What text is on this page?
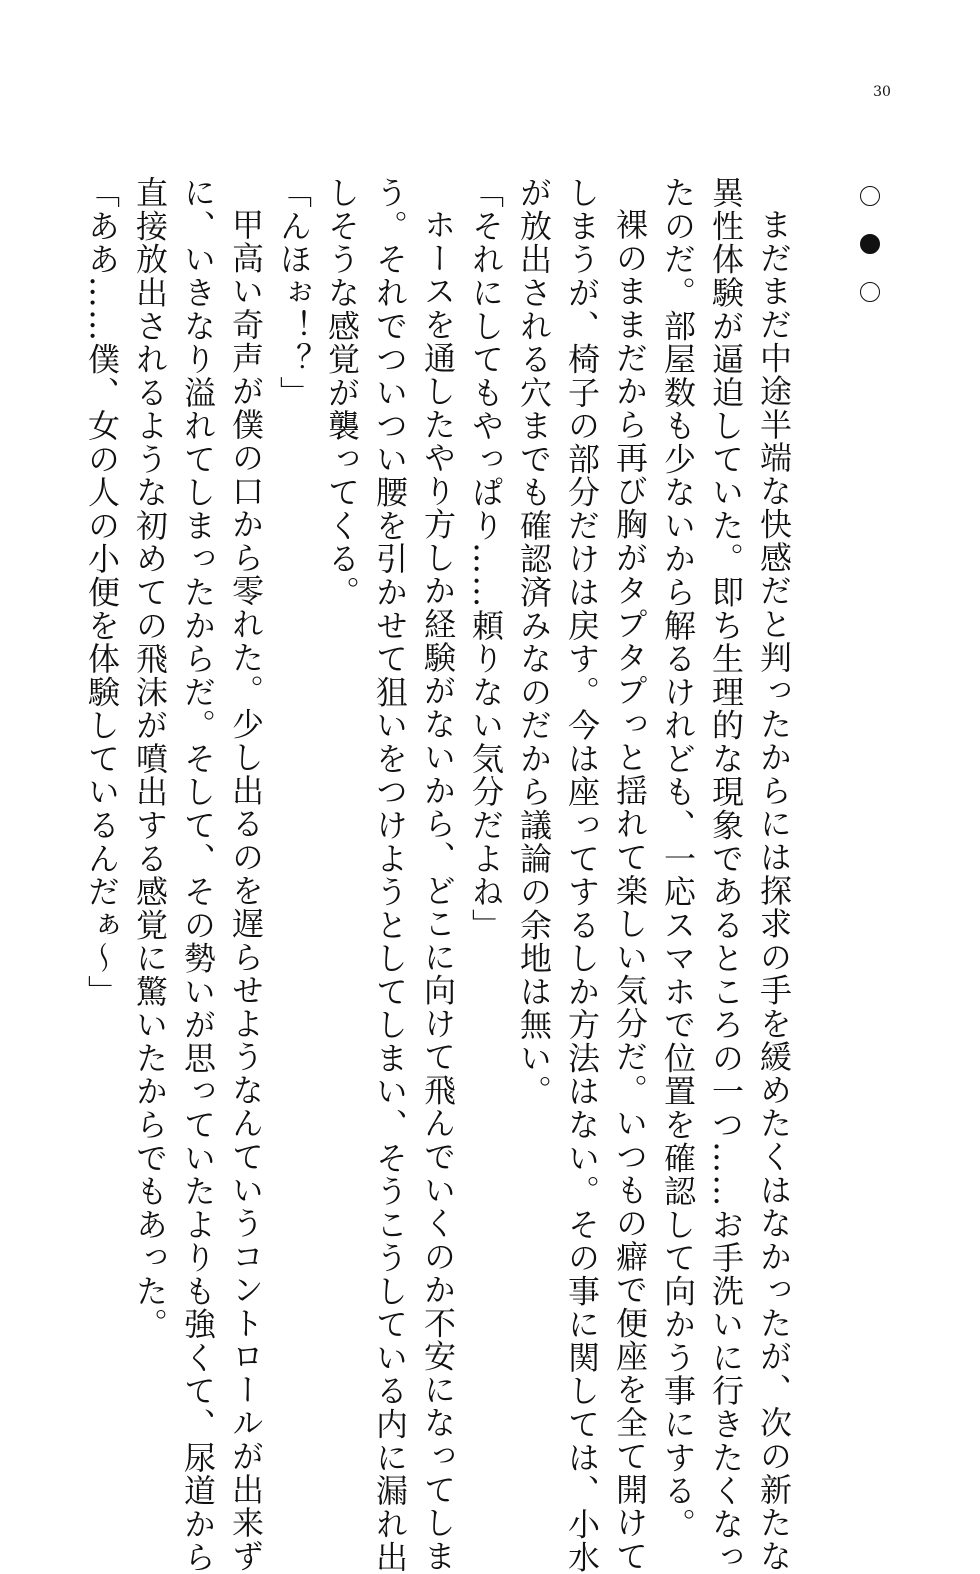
30
まだまだ中途半端な快感だと判ったからには探求の手を緩めたくはなかったが、次の新たな
異性体験が逼迫していた。即ち生理的な現象であるところの一つ……お手洗いに行きたくなっ
たのだ。部屋数も少ないから解るけれども、一応スマホで位置を確認して向かう事にする。
裸のままだから再び胸がタプタプっと揺れて楽しい気分だ。いつもの癖で便座を全て開けて
しまうが、椅子の部分だけは戻す。今は座ってするしか方法はない。その事に関しては、小水
が放出される穴までも確認済みなのだから議論の余地は無い。
「それにしてもやっぱり……頼りない気分だよね」
ホースを通したやり方しか経験がないから、どこに向けて飛んでいくのか不安になってしま
う。それでついつい腰を引かせて狙いをつけようとしてしまい、そうこうしている内に漏れ出
しそうな感覚が襲ってくる。
「んほぉ！？」
甲高い奇声が僕の口から零れた。少し出るのを遅らせようなんていうコントロールが出来ず
に、いきなり溢れてしまったからだ。そして、その勢いが思っていたよりも強くて、尿道から
直接放出されるような初めての飛沫が噴出する感覚に驚いたからでもあった。
「ああ……僕、女の人の小便を体験しているんだぁ～」
